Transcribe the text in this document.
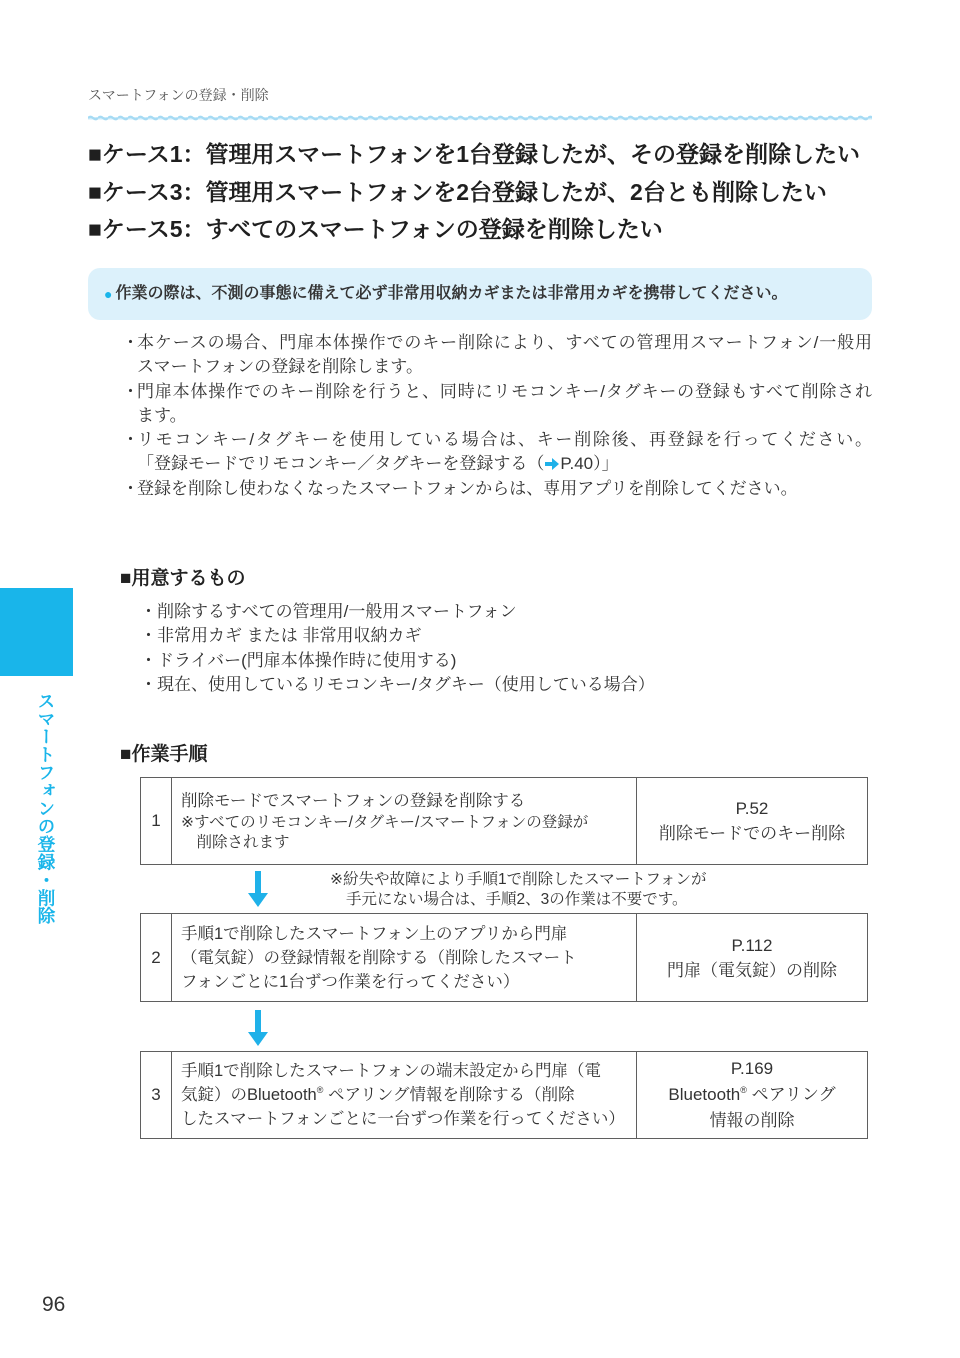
スマートフォンの登録・削除
■ケース1：管理用スマートフォンを1台登録したが、その登録を削除したい
■ケース3：管理用スマートフォンを2台登録したが、2台とも削除したい
■ケース5：すべてのスマートフォンの登録を削除したい
● 作業の際は、不測の事態に備えて必ず非常用収納カギまたは非常用カギを携帯してください。
・
本ケースの場合、門扉本体操作でのキー削除により、すべての管理用スマートフォン/一般用
スマートフォンの登録を削除します。
・
門扉本体操作でのキー削除を行うと、同時にリモコンキー/タグキーの登録もすべて削除され
ます。
・
リモコンキー/タグキーを使用している場合は、キー削除後、再登録を行ってください。
「登録モードでリモコンキー／タグキーを登録する（ P.40）」
・
登録を削除し使わなくなったスマートフォンからは、専用アプリを削除してください。
スマートフォンの登録・削除
■用意するもの
・削除するすべての管理用/一般用スマートフォン
・非常用カギ または 非常用収納カギ
・ドライバー(門扉本体操作時に使用する)
・現在、使用しているリモコンキー/タグキー（使用している場合）
■作業手順
1
削除モードでスマートフォンの登録を削除する
※すべてのリモコンキー/タグキー/スマートフォンの登録が
削除されます
P.52
削除モードでのキー削除
※紛失や故障により手順1で削除したスマートフォンが
手元にない場合は、手順2、3の作業は不要です。
2
手順1で削除したスマートフォン上のアプリから門扉
（電気錠）の登録情報を削除する（削除したスマート
フォンごとに1台ずつ作業を行ってください）
P.112
門扉（電気錠）の削除
3
手順1で削除したスマートフォンの端末設定から門扉（電
気錠）のBluetooth® ペアリング情報を削除する（削除
したスマートフォンごとに一台ずつ作業を行ってください）
P.169
Bluetooth® ペアリング
情報の削除
96
